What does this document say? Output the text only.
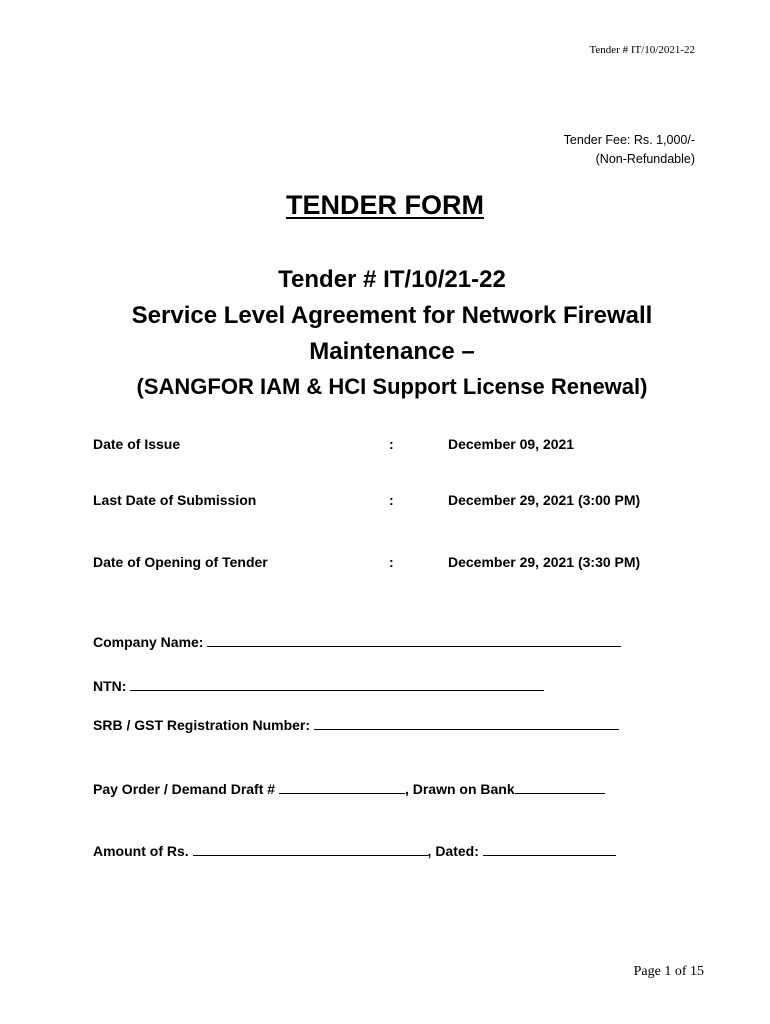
Tender # IT/10/2021-22
Tender Fee: Rs. 1,000/-
(Non-Refundable)
TENDER FORM
Tender # IT/10/21-22
Service Level Agreement for Network Firewall
Maintenance –
(SANGFOR IAM & HCI Support License Renewal)
Date of Issue	:	December 09, 2021
Last Date of Submission	:	December 29, 2021 (3:00 PM)
Date of Opening of Tender	:	December 29, 2021 (3:30 PM)
Company Name:
NTN:
SRB / GST Registration Number:
Pay Order / Demand Draft #	, Drawn on Bank
Amount of Rs.	, Dated:
Page 1 of 15
